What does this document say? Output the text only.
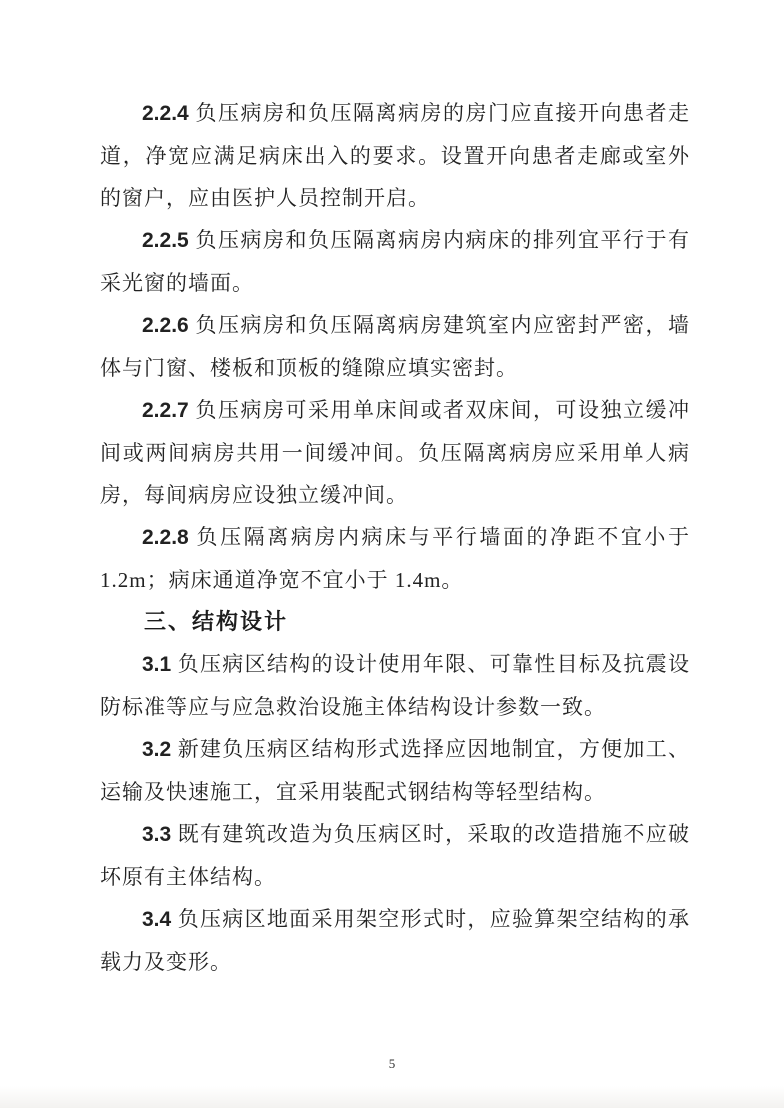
2.2.4 负压病房和负压隔离病房的房门应直接开向患者走道，净宽应满足病床出入的要求。设置开向患者走廊或室外的窗户，应由医护人员控制开启。

2.2.5 负压病房和负压隔离病房内病床的排列宜平行于有采光窗的墙面。

2.2.6 负压病房和负压隔离病房建筑室内应密封严密，墙体与门窗、楼板和顶板的缝隙应填实密封。

2.2.7 负压病房可采用单床间或者双床间，可设独立缓冲间或两间病房共用一间缓冲间。负压隔离病房应采用单人病房，每间病房应设独立缓冲间。

2.2.8 负压隔离病房内病床与平行墙面的净距不宜小于 1.2m；病床通道净宽不宜小于 1.4m。

三、结构设计

3.1 负压病区结构的设计使用年限、可靠性目标及抗震设防标准等应与应急救治设施主体结构设计参数一致。

3.2 新建负压病区结构形式选择应因地制宜，方便加工、运输及快速施工，宜采用装配式钢结构等轻型结构。

3.3 既有建筑改造为负压病区时，采取的改造措施不应破坏原有主体结构。

3.4 负压病区地面采用架空形式时，应验算架空结构的承载力及变形。

5
